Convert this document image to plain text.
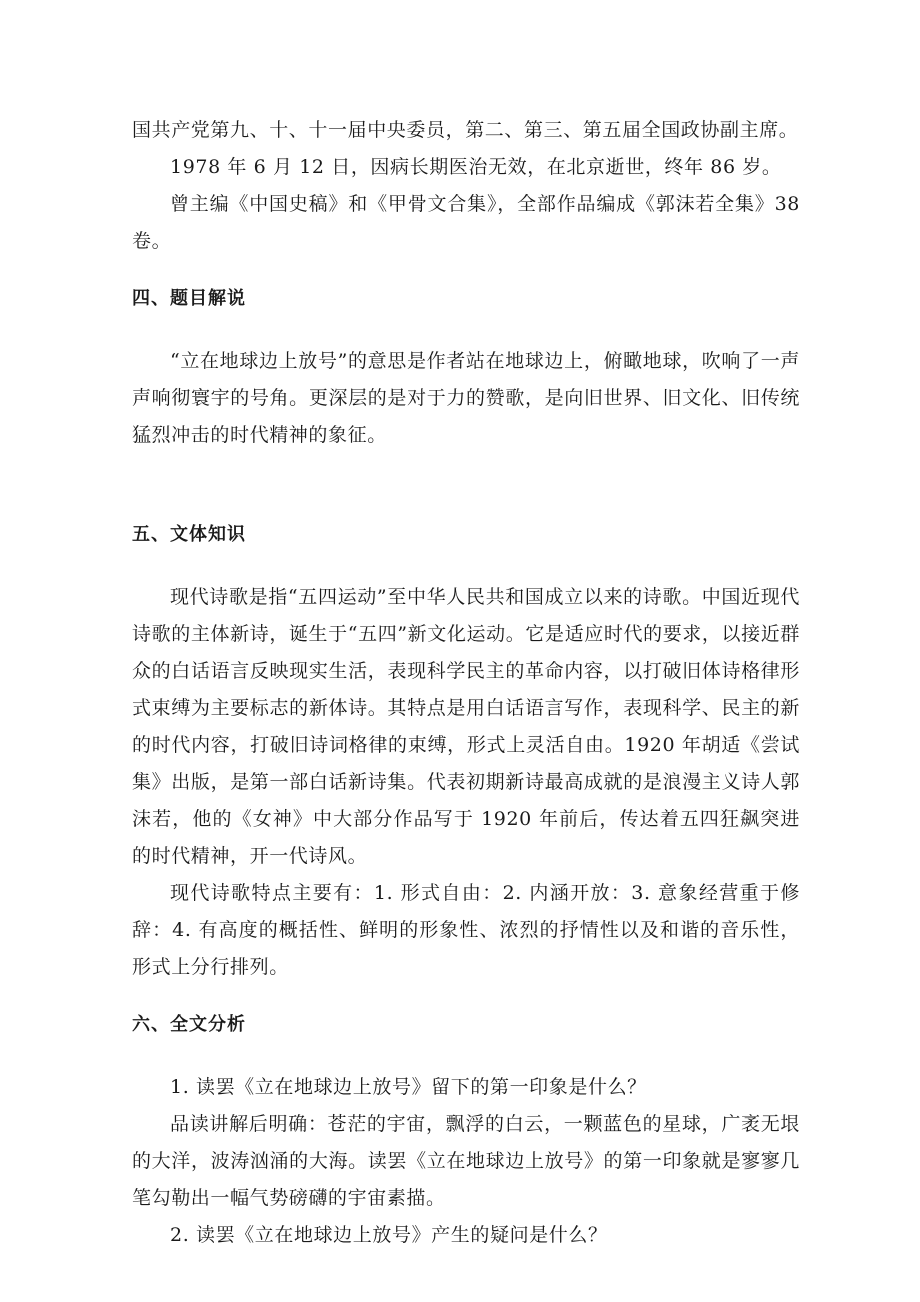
国共产党第九、十、十一届中央委员，第二、第三、第五届全国政协副主席。

1978 年 6 月 12 日，因病长期医治无效，在北京逝世，终年 86 岁。

曾主编《中国史稿》和《甲骨文合集》，全部作品编成《郭沫若全集》38 卷。

四、题目解说

“立在地球边上放号”的意思是作者站在地球边上，俯瞰地球，吹响了一声声响彻寰宇的号角。更深层的是对于力的赞歌，是向旧世界、旧文化、旧传统猛烈冲击的时代精神的象征。

五、文体知识

现代诗歌是指“五四运动”至中华人民共和国成立以来的诗歌。中国近现代诗歌的主体新诗，诞生于“五四”新文化运动。它是适应时代的要求，以接近群众的白话语言反映现实生活，表现科学民主的革命内容，以打破旧体诗格律形式束缚为主要标志的新体诗。其特点是用白话语言写作，表现科学、民主的新的时代内容，打破旧诗词格律的束缚，形式上灵活自由。1920 年胡适《尝试集》出版，是第一部白话新诗集。代表初期新诗最高成就的是浪漫主义诗人郭沫若，他的《女神》中大部分作品写于 1920 年前后，传达着五四狂飙突进的时代精神，开一代诗风。

现代诗歌特点主要有：1. 形式自由：2. 内涵开放：3. 意象经营重于修辞：4. 有高度的概括性、鲜明的形象性、浓烈的抒情性以及和谐的音乐性，形式上分行排列。

六、全文分析

1. 读罢《立在地球边上放号》留下的第一印象是什么？

品读讲解后明确：苍茫的宇宙，飘浮的白云，一颗蓝色的星球，广袤无垠的大洋，波涛汹涌的大海。读罢《立在地球边上放号》的第一印象就是寥寥几笔勾勒出一幅气势磅礴的宇宙素描。

2. 读罢《立在地球边上放号》产生的疑问是什么？
